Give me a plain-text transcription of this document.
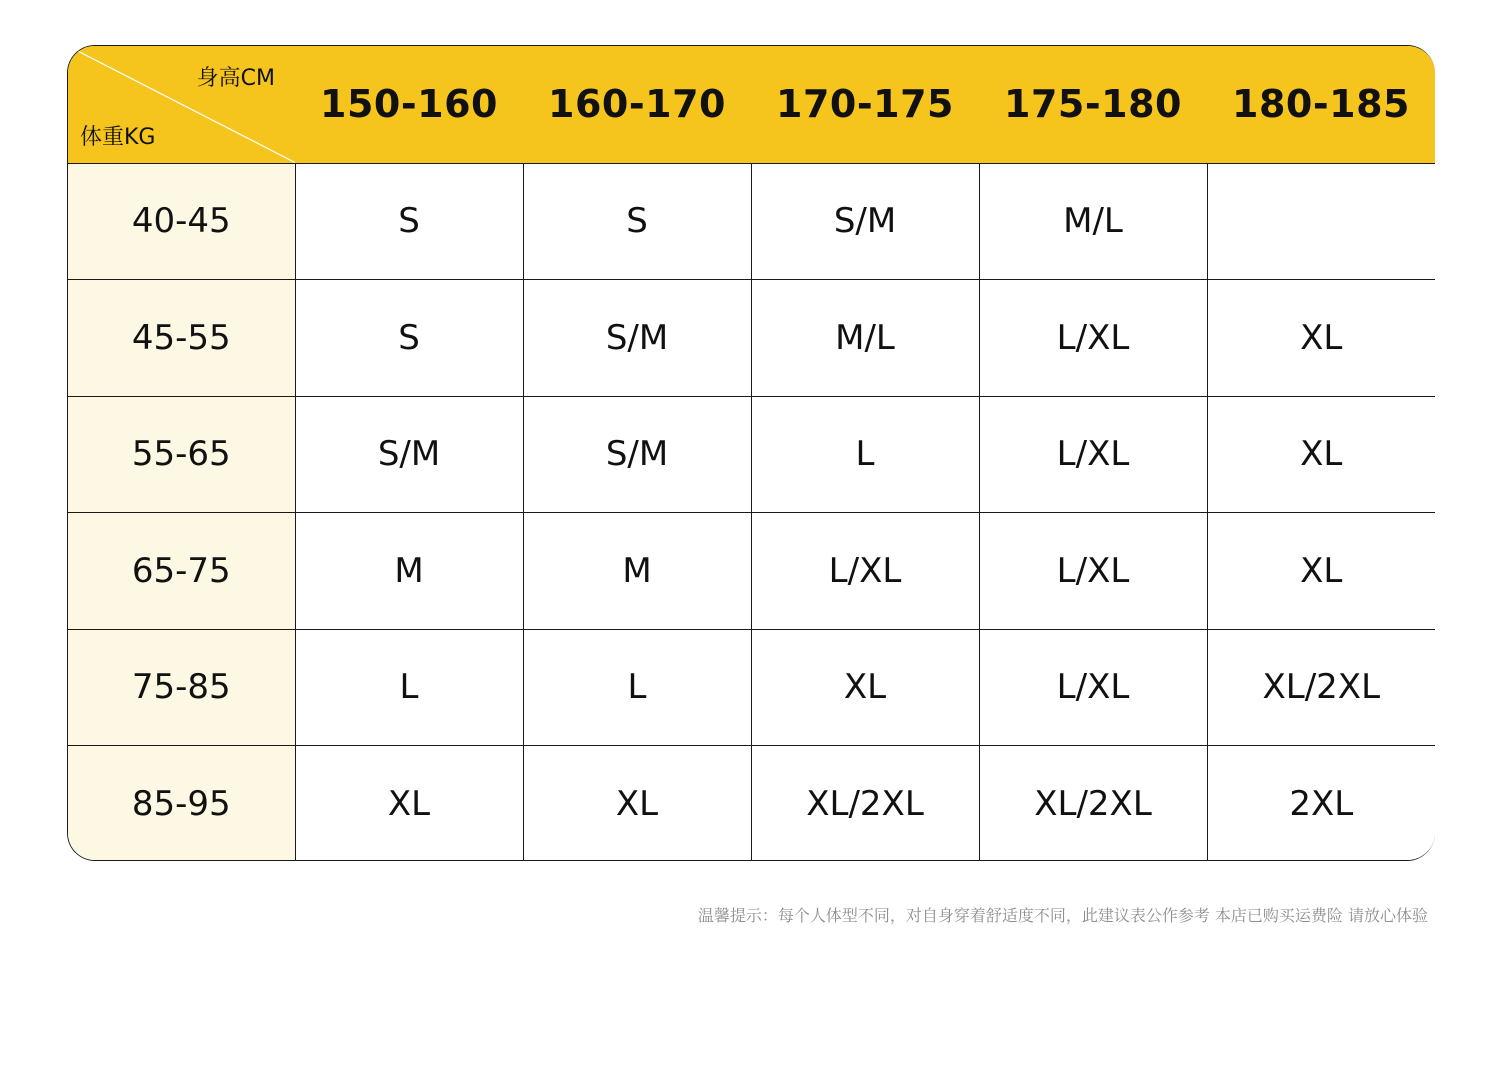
身高CM
体重KG	150-160	160-170	170-175	175-180	180-185
40-45	S	S	S/M	M/L	
45-55	S	S/M	M/L	L/XL	XL
55-65	S/M	S/M	L	L/XL	XL
65-75	M	M	L/XL	L/XL	XL
75-85	L	L	XL	L/XL	XL/2XL
85-95	XL	XL	XL/2XL	XL/2XL	2XL
温馨提示：每个人体型不同，对自身穿着舒适度不同，此建议表公作参考 本店已购买运费险 请放心体验
